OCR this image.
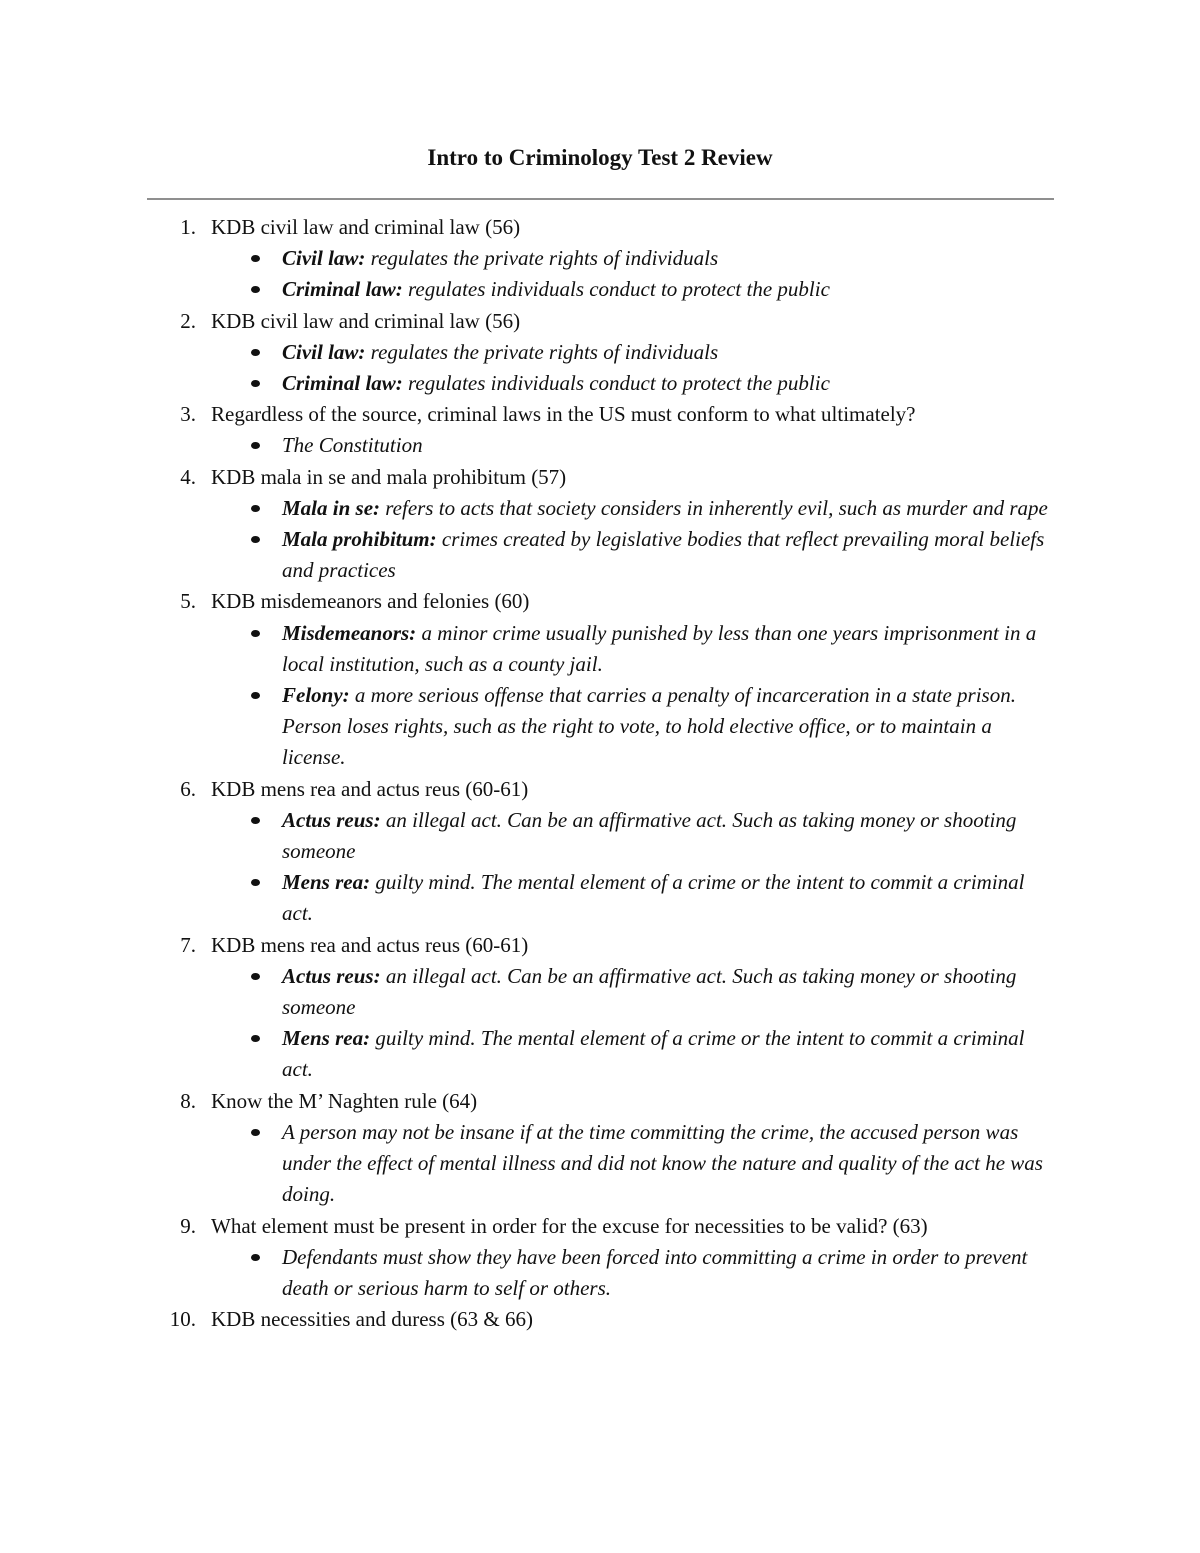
Intro to Criminology Test 2 Review
1. KDB civil law and criminal law (56)
Civil law: regulates the private rights of individuals
Criminal law: regulates individuals conduct to protect the public
2. KDB civil law and criminal law (56)
Civil law: regulates the private rights of individuals
Criminal law: regulates individuals conduct to protect the public
3. Regardless of the source, criminal laws in the US must conform to what ultimately?
The Constitution
4. KDB mala in se and mala prohibitum (57)
Mala in se: refers to acts that society considers in inherently evil, such as murder and rape
Mala prohibitum: crimes created by legislative bodies that reflect prevailing moral beliefs and practices
5. KDB misdemeanors and felonies (60)
Misdemeanors: a minor crime usually punished by less than one years imprisonment in a local institution, such as a county jail.
Felony: a more serious offense that carries a penalty of incarceration in a state prison. Person loses rights, such as the right to vote, to hold elective office, or to maintain a license.
6. KDB mens rea and actus reus (60-61)
Actus reus: an illegal act. Can be an affirmative act. Such as taking money or shooting someone
Mens rea: guilty mind. The mental element of a crime or the intent to commit a criminal act.
7. KDB mens rea and actus reus (60-61)
Actus reus: an illegal act. Can be an affirmative act. Such as taking money or shooting someone
Mens rea: guilty mind. The mental element of a crime or the intent to commit a criminal act.
8. Know the M’ Naghten rule (64)
A person may not be insane if at the time committing the crime, the accused person was under the effect of mental illness and did not know the nature and quality of the act he was doing.
9. What element must be present in order for the excuse for necessities to be valid? (63)
Defendants must show they have been forced into committing a crime in order to prevent death or serious harm to self or others.
10. KDB necessities and duress (63 & 66)
